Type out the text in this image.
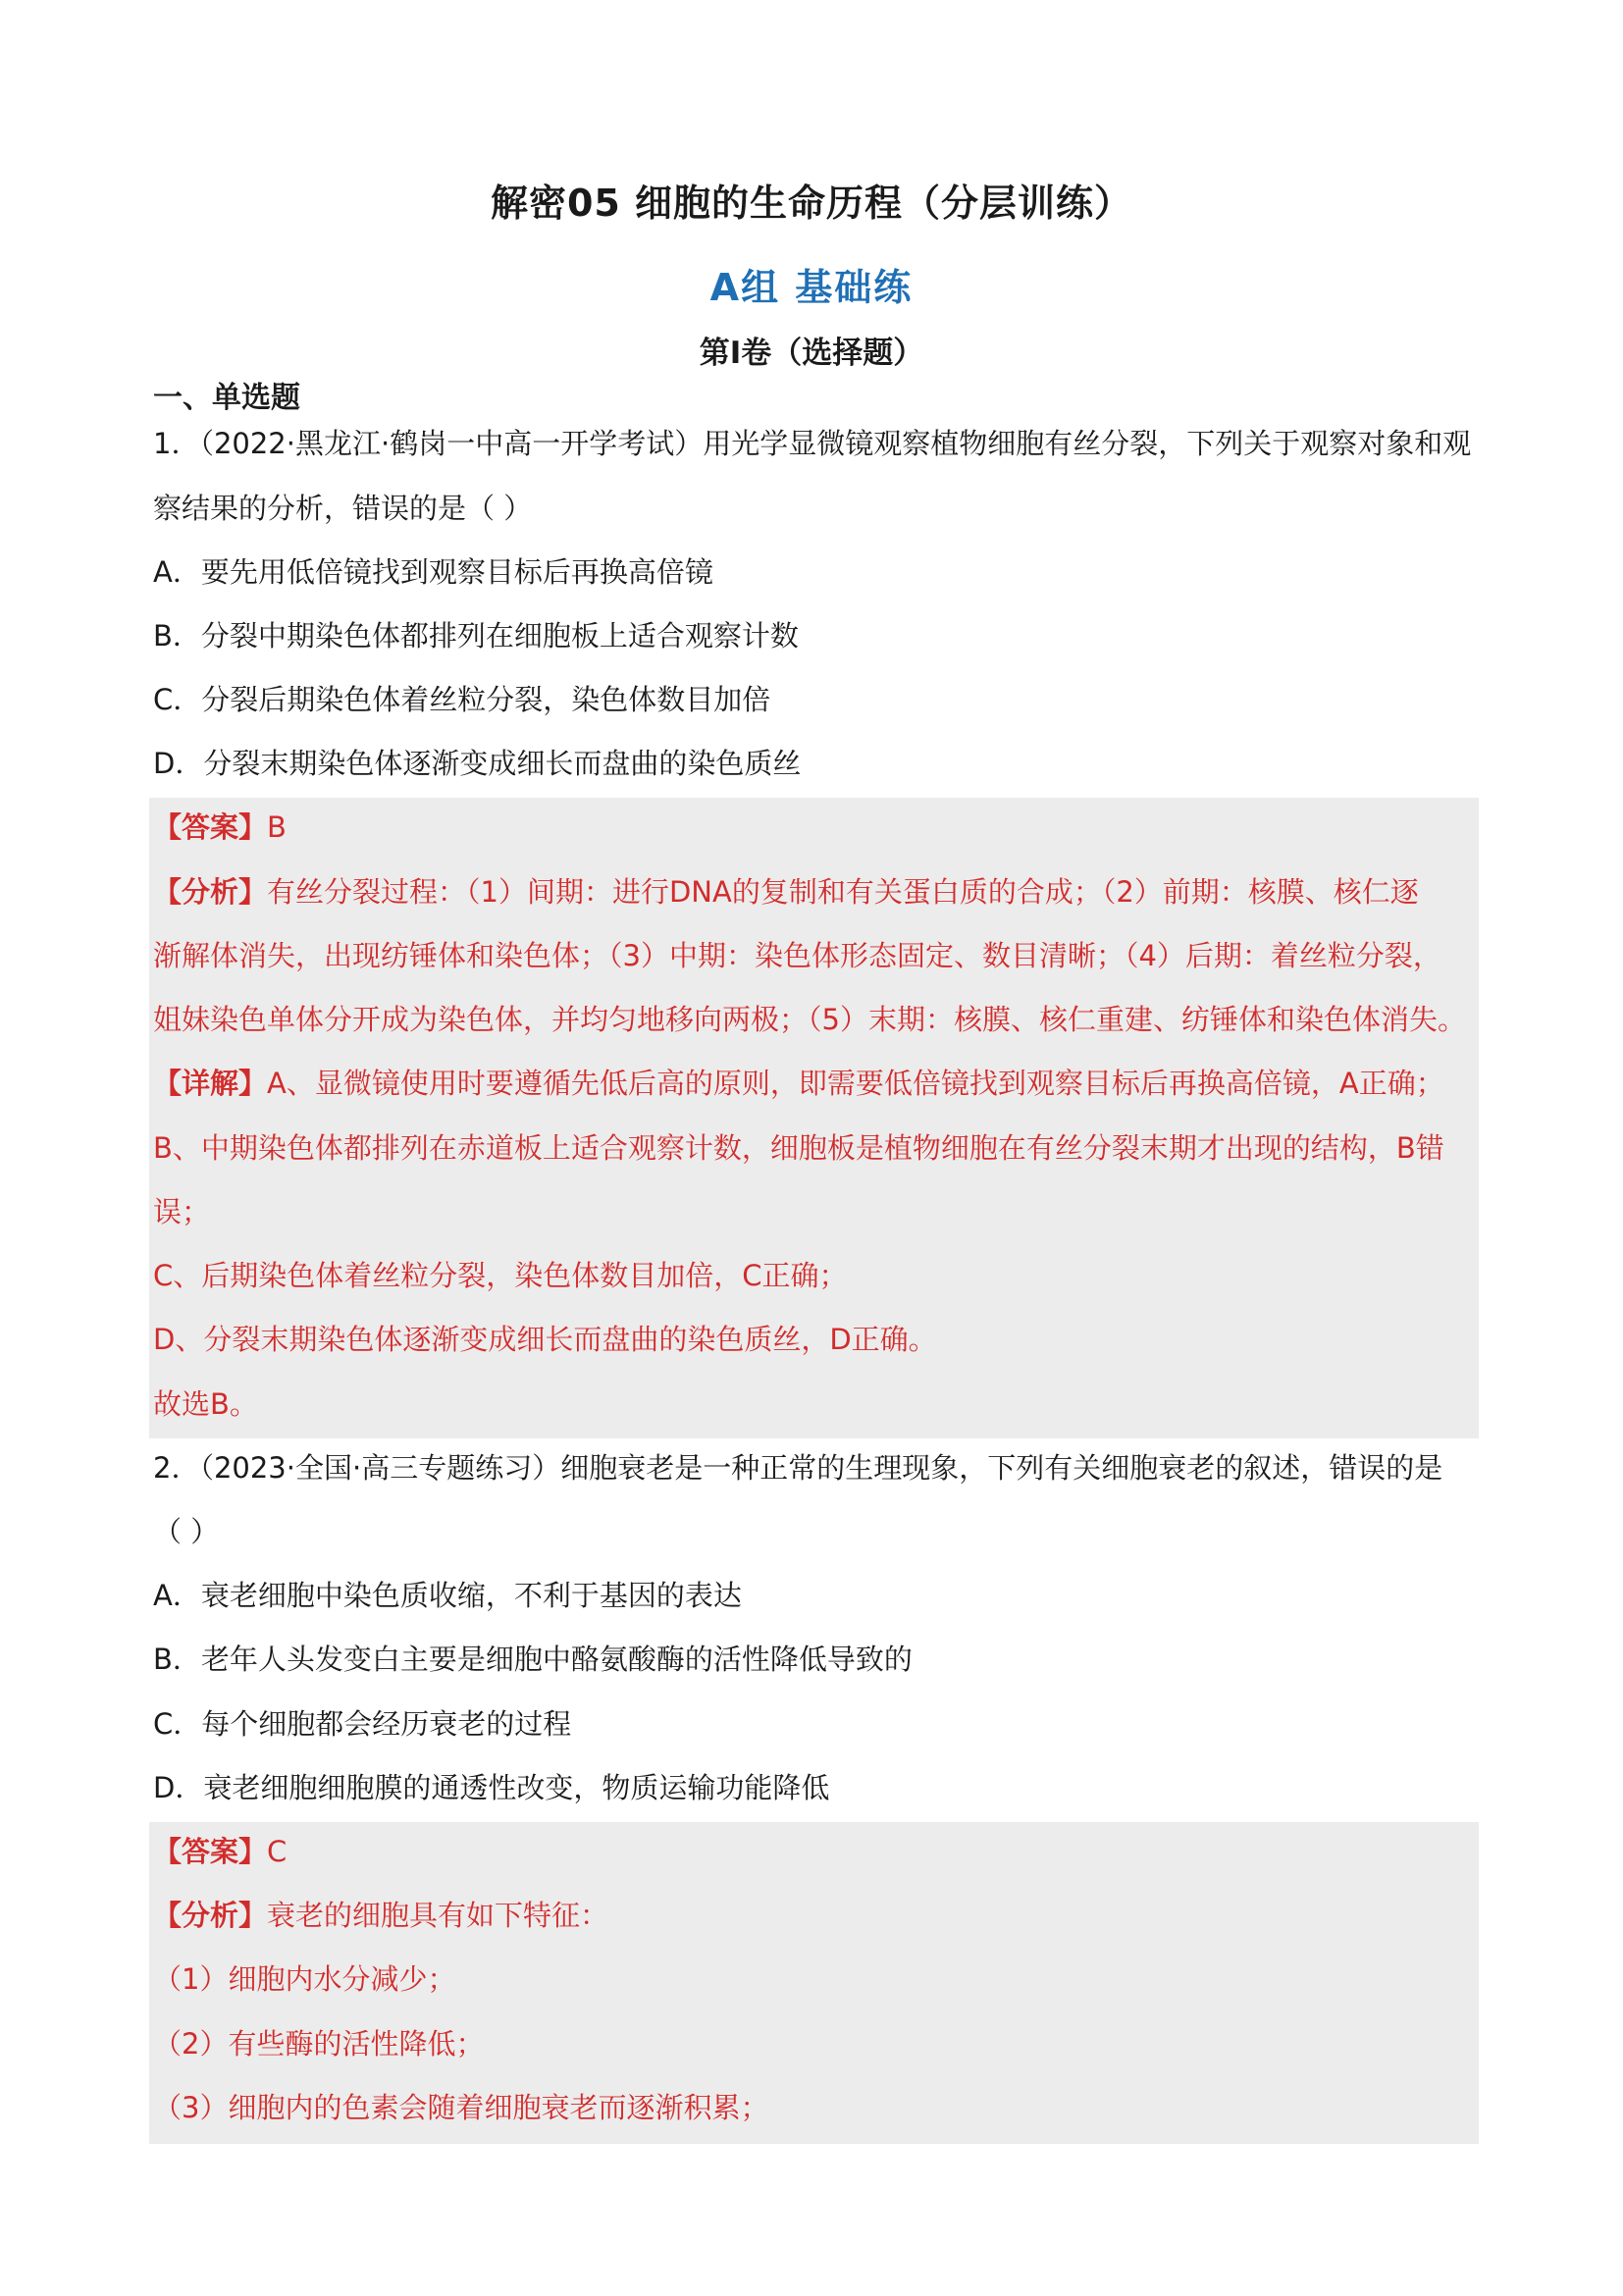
解密05 细胞的生命历程（分层训练）
A组 基础练
第Ⅰ卷（选择题）
一、单选题
1．（2022·黑龙江·鹤岗一中高一开学考试）用光学显微镜观察植物细胞有丝分裂，下列关于观察对象和观
察结果的分析，错误的是（ ）
A．要先用低倍镜找到观察目标后再换高倍镜
B．分裂中期染色体都排列在细胞板上适合观察计数
C．分裂后期染色体着丝粒分裂，染色体数目加倍
D．分裂末期染色体逐渐变成细长而盘曲的染色质丝
【答案】B
【分析】有丝分裂过程：（1）间期：进行DNA的复制和有关蛋白质的合成；（2）前期：核膜、核仁逐
渐解体消失，出现纺锤体和染色体；（3）中期：染色体形态固定、数目清晰；（4）后期：着丝粒分裂，
姐妹染色单体分开成为染色体，并均匀地移向两极；（5）末期：核膜、核仁重建、纺锤体和染色体消失。
【详解】A、显微镜使用时要遵循先低后高的原则，即需要低倍镜找到观察目标后再换高倍镜，A正确；
B、中期染色体都排列在赤道板上适合观察计数，细胞板是植物细胞在有丝分裂末期才出现的结构，B错
误；
C、后期染色体着丝粒分裂，染色体数目加倍，C正确；
D、分裂末期染色体逐渐变成细长而盘曲的染色质丝，D正确。
故选B。
2．（2023·全国·高三专题练习）细胞衰老是一种正常的生理现象，下列有关细胞衰老的叙述，错误的是
（ ）
A．衰老细胞中染色质收缩，不利于基因的表达
B．老年人头发变白主要是细胞中酪氨酸酶的活性降低导致的
C．每个细胞都会经历衰老的过程
D．衰老细胞细胞膜的通透性改变，物质运输功能降低
【答案】C
【分析】衰老的细胞具有如下特征：
（1）细胞内水分减少；
（2）有些酶的活性降低；
（3）细胞内的色素会随着细胞衰老而逐渐积累；
